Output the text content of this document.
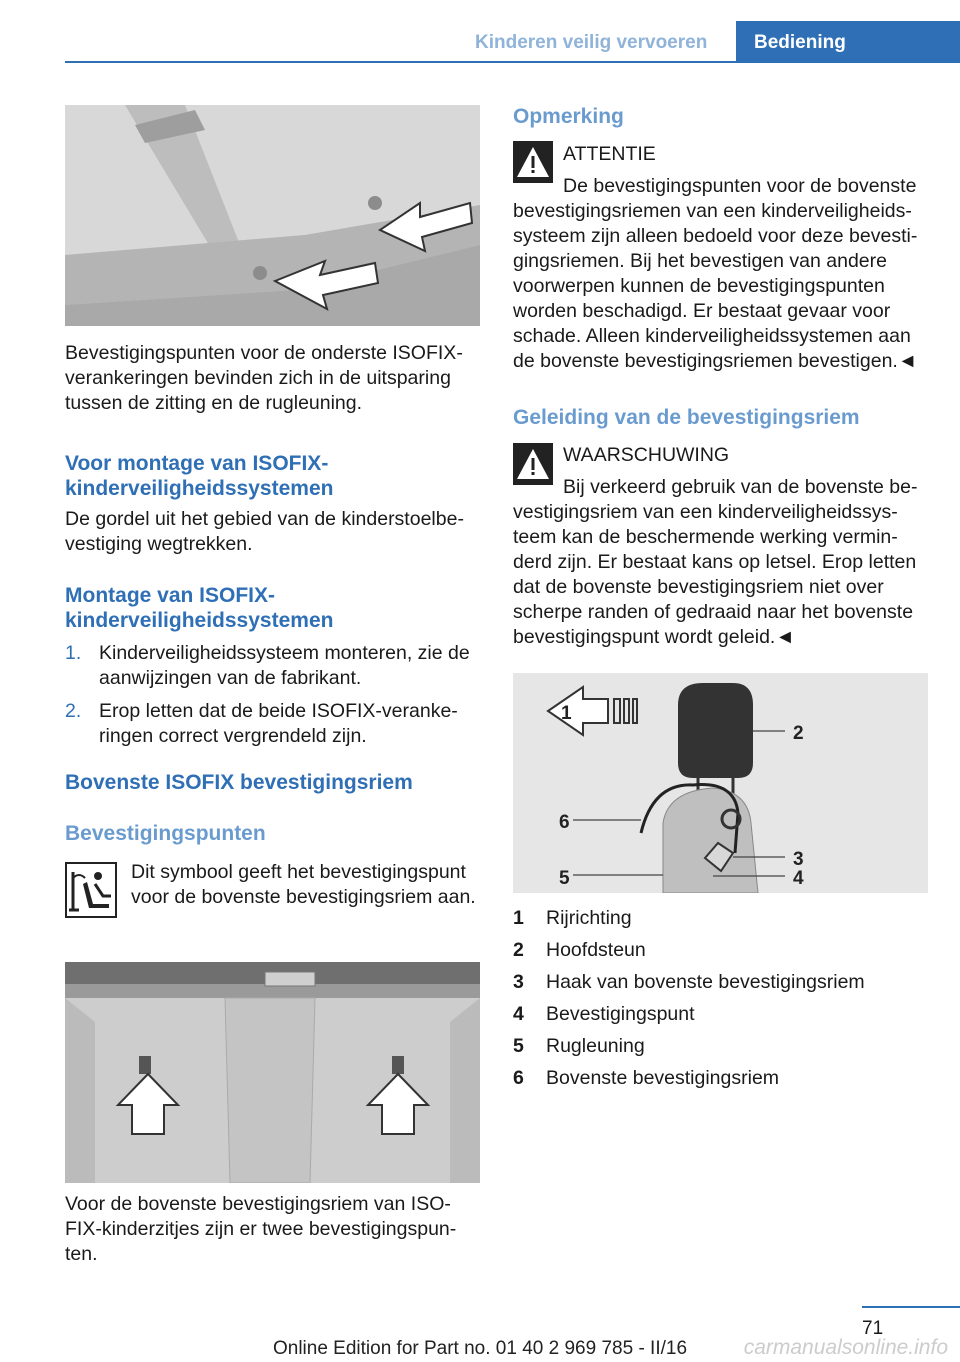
Kinderen veilig vervoeren	Bediening
Bevestigingspunten voor de onderste ISOFIX-verankeringen bevinden zich in de uitsparing tussen de zitting en de rugleuning.
Voor montage van ISOFIX-kinderveiligheidssystemen
De gordel uit het gebied van de kinderstoelbe-vestiging wegtrekken.
Montage van ISOFIX-kinderveiligheidssystemen
1. Kinderveiligheidssysteem monteren, zie de aanwijzingen van de fabrikant.
2. Erop letten dat de beide ISOFIX-veranke-ringen correct vergrendeld zijn.
Bovenste ISOFIX bevestigingsriem
Bevestigingspunten
Dit symbool geeft het bevestigingspunt voor de bovenste bevestigingsriem aan.
Voor de bovenste bevestigingsriem van ISO-FIX-kinderzitjes zijn er twee bevestigingspun-ten.
Opmerking
ATTENTIE
De bevestigingspunten voor de bovenste bevestigingsriemen van een kinderveiligheids-systeem zijn alleen bedoeld voor deze bevesti-gingsriemen. Bij het bevestigen van andere voorwerpen kunnen de bevestigingspunten worden beschadigd. Er bestaat gevaar voor schade. Alleen kinderveiligheidssystemen aan de bovenste bevestigingsriemen bevestigen.◄
Geleiding van de bevestigingsriem
WAARSCHUWING
Bij verkeerd gebruik van de bovenste be-vestigingsriem van een kinderveiligheidssys-teem kan de beschermende werking vermin-derd zijn. Er bestaat kans op letsel. Erop letten dat de bovenste bevestigingsriem niet over scherpe randen of gedraaid naar het bovenste bevestigingspunt wordt geleid.◄
1
2
6
3
4
5
1 Rijrichting
2 Hoofdsteun
3 Haak van bovenste bevestigingsriem
4 Bevestigingspunt
5 Rugleuning
6 Bovenste bevestigingsriem
71
Online Edition for Part no. 01 40 2 969 785 - II/16	carmanualsonline.info
